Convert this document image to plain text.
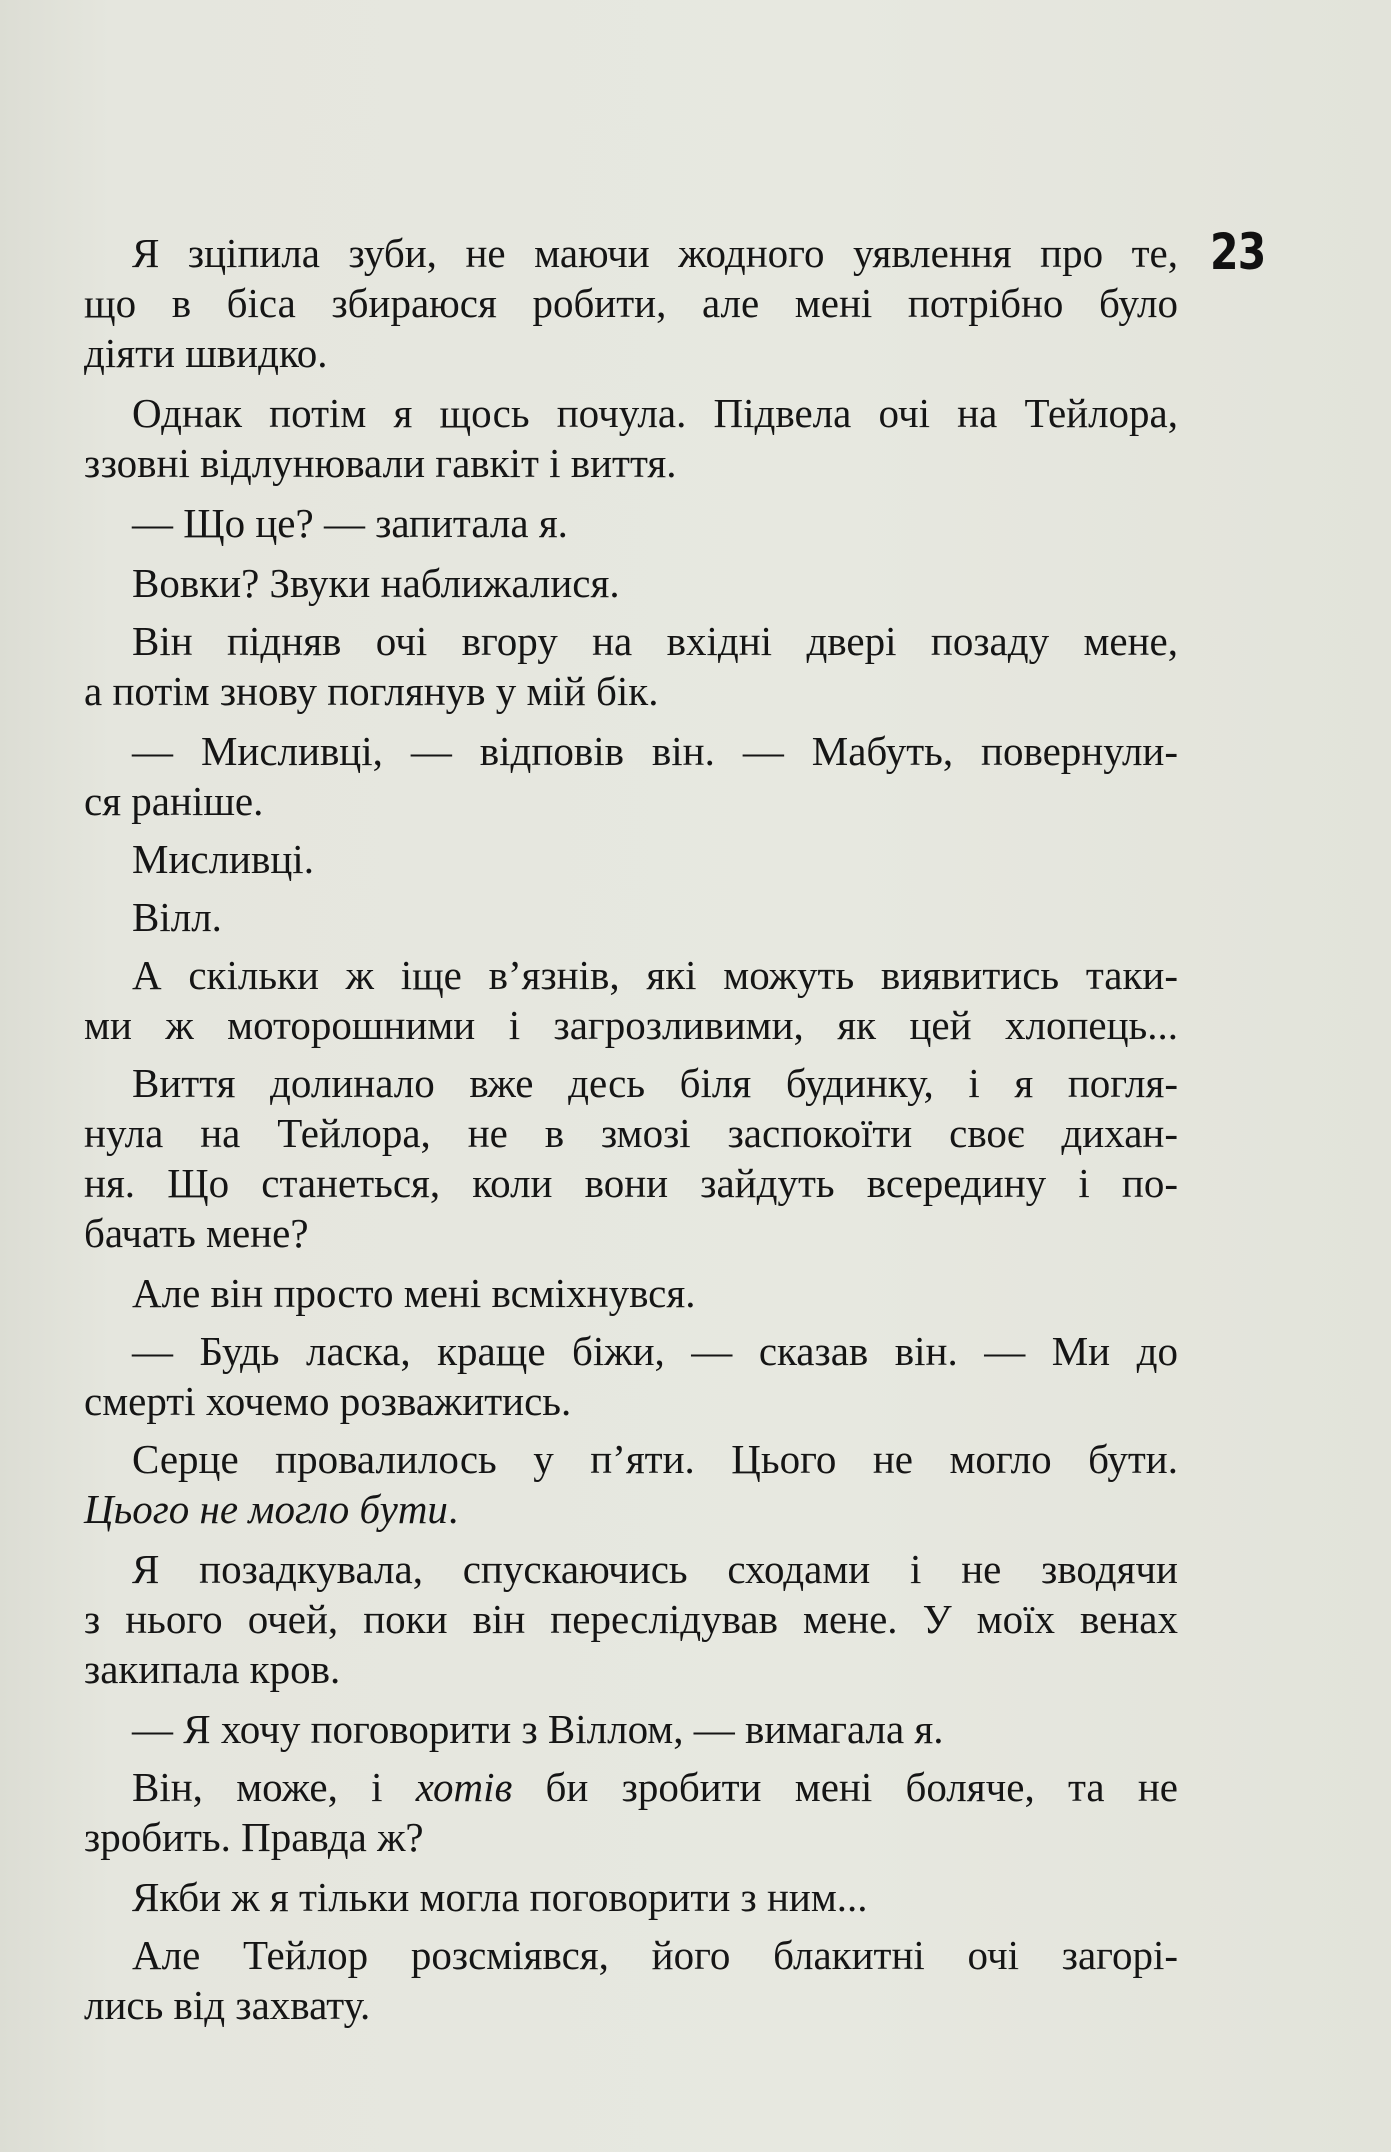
23
Я зціпила зуби, не маючи жодного уявлення про те,
що в біса збираюся робити, але мені потрібно було
діяти швидко.
Однак потім я щось почула. Підвела очі на Тейлора,
ззовні відлунювали гавкіт і виття.
— Що це? — запитала я.
Вовки? Звуки наближалися.
Він підняв очі вгору на вхідні двері позаду мене,
а потім знову поглянув у мій бік.
— Мисливці, — відповів він. — Мабуть, повернули-
ся раніше.
Мисливці.
Вілл.
А скільки ж іще в’язнів, які можуть виявитись таки-
ми ж моторошними і загрозливими, як цей хлопець...
Виття долинало вже десь біля будинку, і я погля-
нула на Тейлора, не в змозі заспокоїти своє дихан-
ня. Що станеться, коли вони зайдуть всередину і по-
бачать мене?
Але він просто мені всміхнувся.
— Будь ласка, краще біжи, — сказав він. — Ми до
смерті хочемо розважитись.
Серце провалилось у п’яти. Цього не могло бути.
Цього не могло бути.
Я позадкувала, спускаючись сходами і не зводячи
з нього очей, поки він переслідував мене. У моїх венах
закипала кров.
— Я хочу поговорити з Віллом, — вимагала я.
Він, може, і хотів би зробити мені боляче, та не
зробить. Правда ж?
Якби ж я тільки могла поговорити з ним...
Але Тейлор розсміявся, його блакитні очі загорі-
лись від захвату.
